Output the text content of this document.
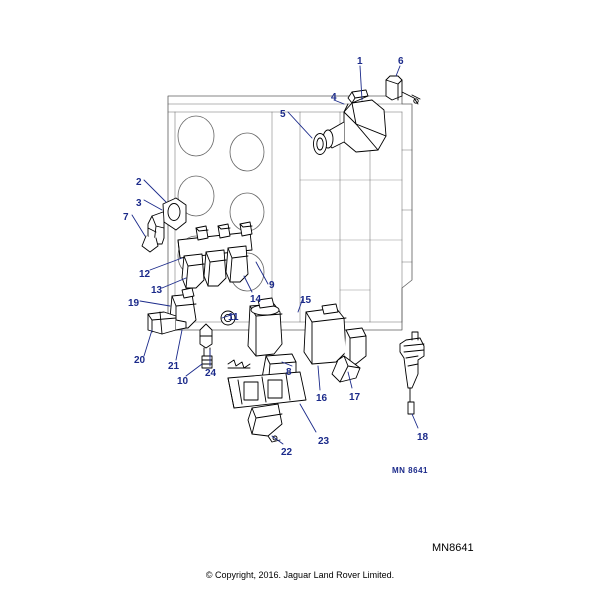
1	6
4
5
2
3
7
12
13
19
9
14	15
11
20
21
24
10
8
16 17
18
22
23
MN 8641
MN8641
© Copyright, 2016. Jaguar Land Rover Limited.
